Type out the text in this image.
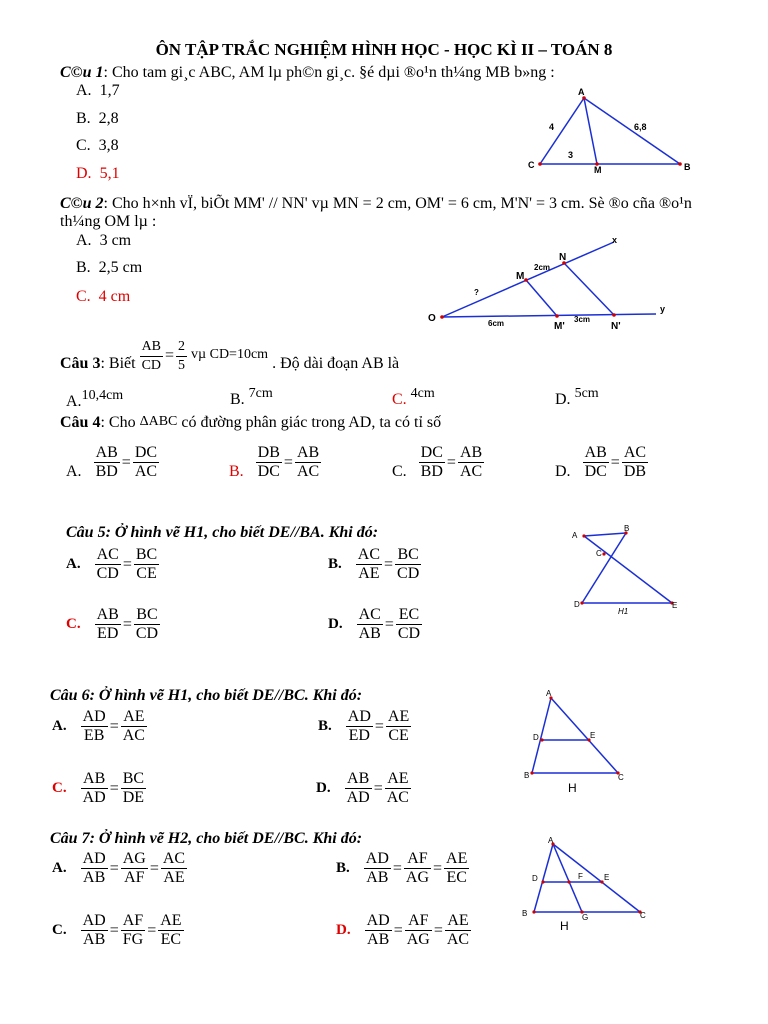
ÔN TẬP TRẮC NGHIỆM HÌNH HỌC - HỌC KÌ II – TOÁN 8
C©u 1: Cho tam gi¸c ABC, AM lµ ph©n gi¸c. §é dµi ®o¹n th¼ng MB b»ng :
A. 1,7
B. 2,8
C. 3,8
D. 5,1
A
C	B
M
4	6,8
3
C©u 2: Cho h×nh vÏ, biÕt MM' // NN' vµ MN = 2 cm, OM' = 6 cm, M'N' = 3 cm. Sè ®o cña ®o¹n
th¼ng OM lµ :
A. 3 cm
B. 2,5 cm
C. 4 cm
O
M
N
M'	N'
x
y
2cm
?
6cm	3cm
Câu 3: Biết $\frac{AB}{CD} = \frac{2}{5}$ vµ CD=10cm
. Độ dài đoạn AB là
A.10,4cm	B. 7cm	C. 4cm	D. 5cm
Câu 4: Cho ΔABC có đường phân giác trong AD, ta có tỉ số
A. $\frac{AB}{BD} = \frac{DC}{AC}$	B. $\frac{DB}{DC} = \frac{AB}{AC}$	C. $\frac{DC}{BD} = \frac{AB}{AC}$	D. $\frac{AB}{DC} = \frac{AC}{DB}$
Câu 5: Ở hình vẽ H1, cho biết DE//BA. Khi đó:
A. $\frac{AC}{CD} = \frac{BC}{CE}$	B. $\frac{AC}{AE} = \frac{BC}{CD}$
C. $\frac{AB}{ED} = \frac{BC}{CD}$	D. $\frac{AC}{AB} = \frac{EC}{CD}$
A
B
C
D	E
H1
Câu 6: Ở hình vẽ H1, cho biết DE//BC. Khi đó:
A. $\frac{AD}{EB} = \frac{AE}{AC}$	B. $\frac{AD}{ED} = \frac{AE}{CE}$
C. $\frac{AB}{AD} = \frac{BC}{DE}$	D. $\frac{AB}{AD} = \frac{AE}{AC}$
A
D	E
B	C
H
Câu 7: Ở hình vẽ H2, cho biết DE//BC. Khi đó:
A. $\frac{AD}{AB} = \frac{AG}{AF} = \frac{AC}{AE}$	B. $\frac{AD}{AB} = \frac{AF}{AG} = \frac{AE}{EC}$
C. $\frac{AD}{AB} = \frac{AF}{FG} = \frac{AE}{EC}$	D. $\frac{AD}{AB} = \frac{AF}{AG} = \frac{AE}{AC}$
A
D	F	E
B	G	C
H
